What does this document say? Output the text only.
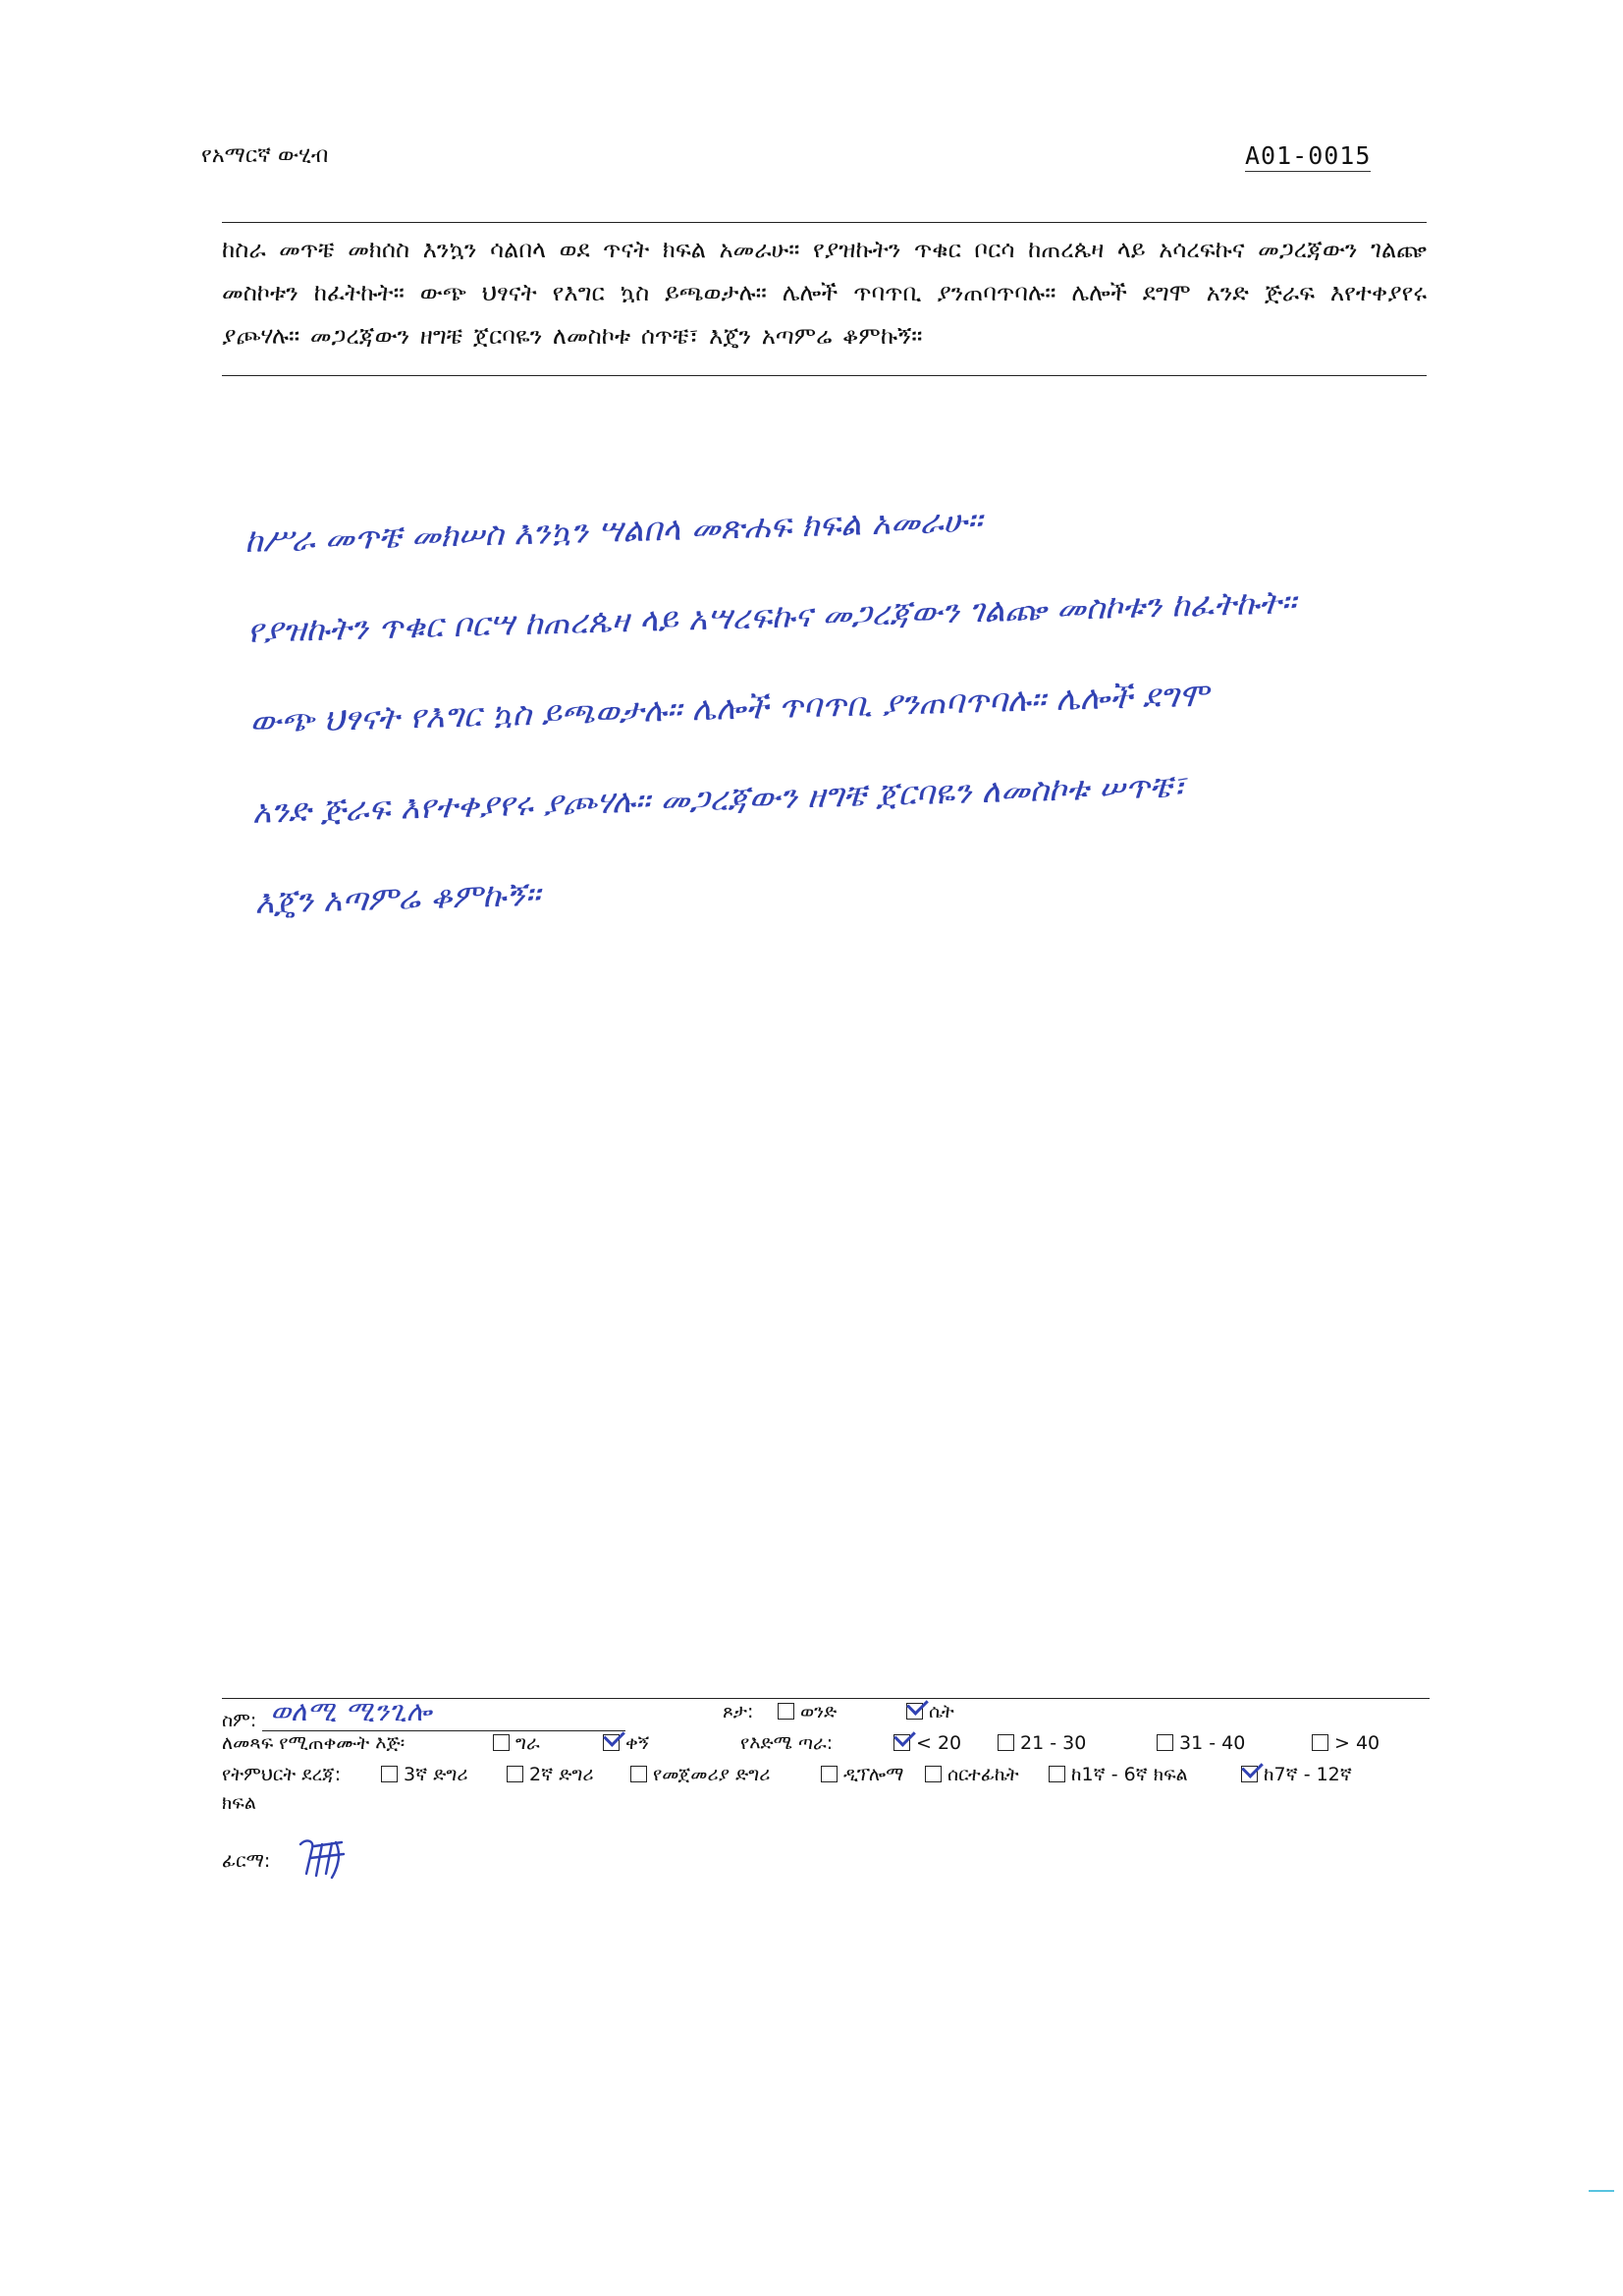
የአማርኛ ውሂብ	A01-0015
ከስራ መጥቼ መክሰስ እንኳን ሳልበላ ወደ ጥናት ክፍል አመራሁ። የያዝኩትን ጥቁር ቦርሳ ከጠረጴዛ ላይ አሳረፍኩና መጋረጃውን ገልጬ መስኮቱን ከፈትኩት። ውጭ ህፃናት የእግር ኳስ ይጫወታሉ። ሌሎች ጥባጥቢ ያንጠባጥባሉ። ሌሎች ደግሞ አንድ ጅራፍ እየተቀያየሩ ያጮሃሉ። መጋረጃውን ዘግቼ ጀርባዬን ለመስኮቱ ሰጥቼ፣ እጄን አጣምሬ ቆምኩኝ።
ከሥራ መጥቼ መክሠስ እንኳን ሣልበላ መጽሐፍ ክፍል አመራሁ።
የያዝኩትን ጥቁር ቦርሣ ከጠረጴዛ ላይ አሣረፍኩና መጋረጃውን ገልጬ መስኮቱን ከፈትኩት።
ውጭ ህፃናት የእግር ኳስ ይጫወታሉ። ሌሎች ጥባጥቢ ያንጠባጥባሉ። ሌሎች ደግሞ
አንድ ጅራፍ እየተቀያየሩ ያጮሃሉ። መጋረጃውን ዘግቼ ጀርባዬን ለመስኮቱ ሠጥቼ፣
እጄን አጣምሬ ቆምኩኝ።
ስም: ወለሚ ሚንጊሎ	ጾታ:	ወንድ	ሴት
ለመጻፍ የሚጠቀሙት እጅ፡	ግራ	ቀኝ	የእድሜ ጣራ:	< 20	21 - 30	31 - 40	> 40
የትምህርት ደረጃ:	3ኛ ድግሪ	2ኛ ድግሪ	የመጀመሪያ ድግሪ	ዲፕሎማ	ሰርተፊኬት	ከ1ኛ - 6ኛ ክፍል	ከ7ኛ - 12ኛ
ክፍል
ፊርማ:
